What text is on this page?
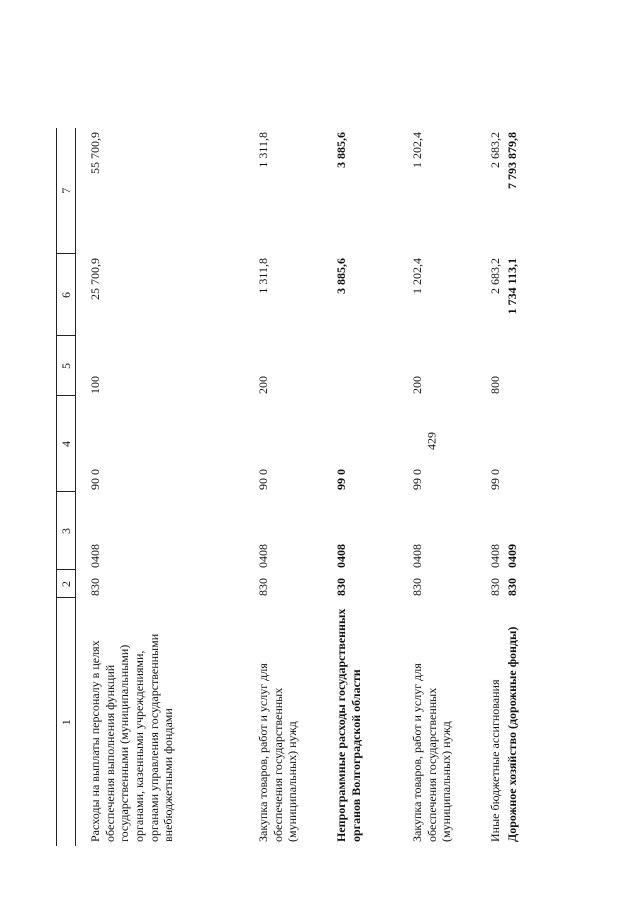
429
1	2	3	4	5	6	7
Расходы на выплаты персоналу в целях обеспечения выполнения функций государственными (муниципальными) органами, казенными учреждениями, органами управления государственными внебюджетными фондами	830	0408	90 0	100	25 700,9	55 700,9
Закупка товаров, работ и услуг для обеспечения государственных (муниципальных) нужд	830	0408	90 0	200	1 311,8	1 311,8
Непрограммные расходы государственных органов Волгоградской области	830	0408	99 0		3 885,6	3 885,6
Закупка товаров, работ и услуг для обеспечения государственных (муниципальных) нужд	830	0408	99 0	200	1 202,4	1 202,4
Иные бюджетные ассигнования	830	0408	99 0	800	2 683,2	2 683,2
Дорожное хозяйство (дорожные фонды)	830	0409			1 734 113,1	7 793 879,8
